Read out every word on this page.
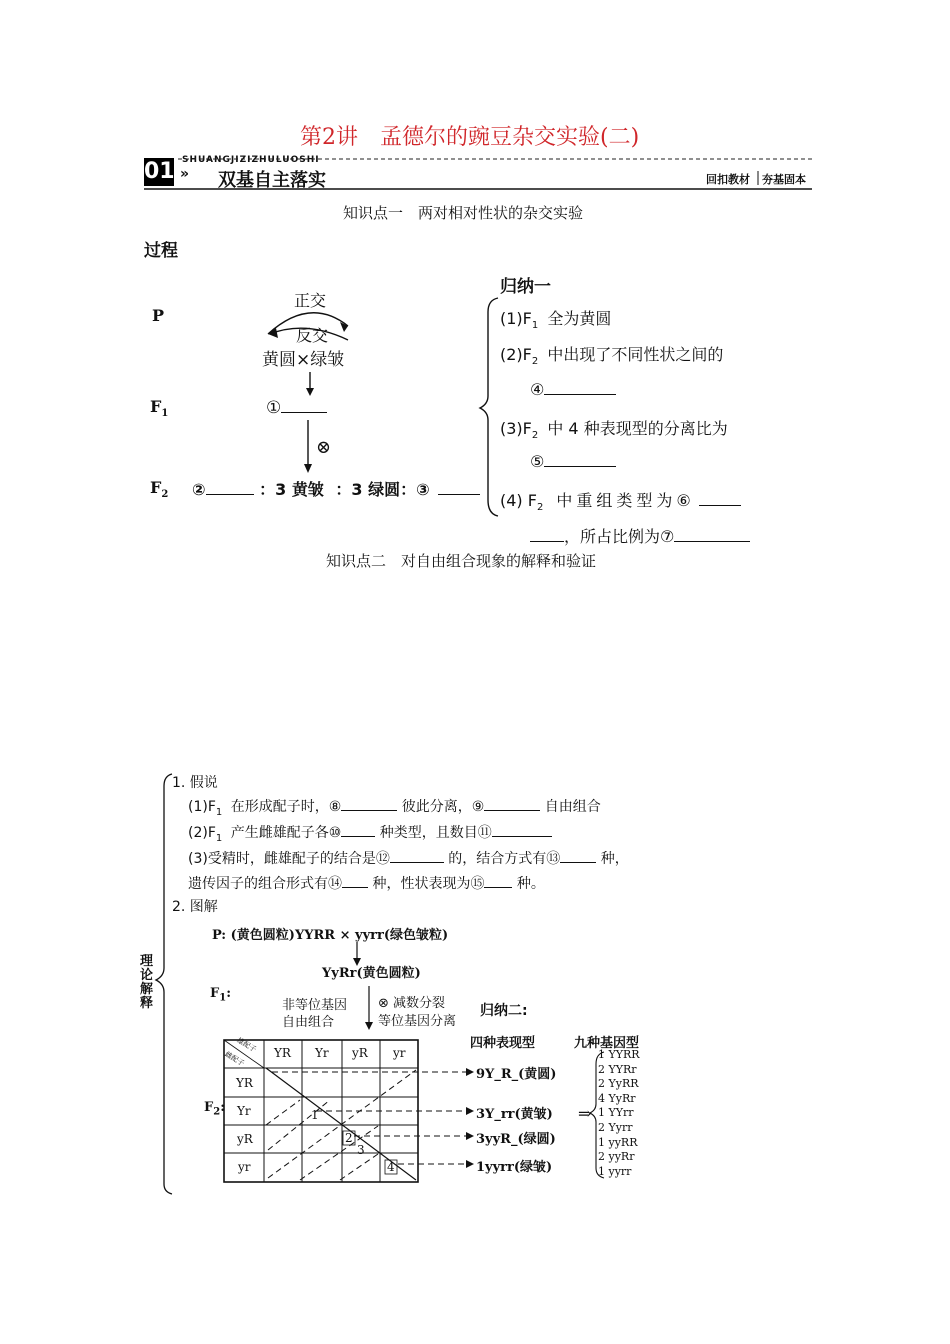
第2讲　孟德尔的豌豆杂交实验(二)
01 SHUANGJIZIZHULUOSHI
» 双基自主落实	回扣教材 夯基固本
知识点一　两对相对性状的杂交实验
过程
P
$F_1$
$F_2$
正交
反交
黄圆×绿皱
①
⊗
②	：3 黄皱 ：3 绿圆：③
归纳一
$(1)F_1$ 全为黄圆
$(2)F_2$ 中出现了不同性状之间的
④
$(3)F_2$ 中 4 种表现型的分离比为
⑤
(4) $F_2$ 中重组类型为⑥
，所占比例为⑦
知识点二　对自由组合现象的解释和验证
理
论
解
释
1. 假说
$(1)F_1$ 在形成配子时，⑧	彼此分离，⑨	自由组合
$(2)F_1$ 产生雌雄配子各⑩	种类型，且数目⑪
(3)受精时，雌雄配子的结合是⑫	的，结合方式有⑬	种，
遗传因子的组合形式有⑭ 种，性状表现为⑮ 种。
2. 图解
P: (黄色圆粒)YYRR × yyrr(绿色皱粒)
YyRr(黄色圆粒)
$F_1$:
非等位基因
自由组合
⊗ 减数分裂
等位基因分离
归纳二:
雄配子
雌配子 YR Yr yR yr
YR
Yr
yR
yr
$F_2$:	1
2
3
4
四种表现型
9Y_R_(黄圆)
3Y_rr(黄皱)
3yyR_(绿圆)
1yyrr(绿皱)
九种基因型
⇒
1 YYRR
2 YYRr
2 YyRR
4 YyRr
1 YYrr
2 Yyrr
1 yyRR
2 yyRr
1 yyrr
